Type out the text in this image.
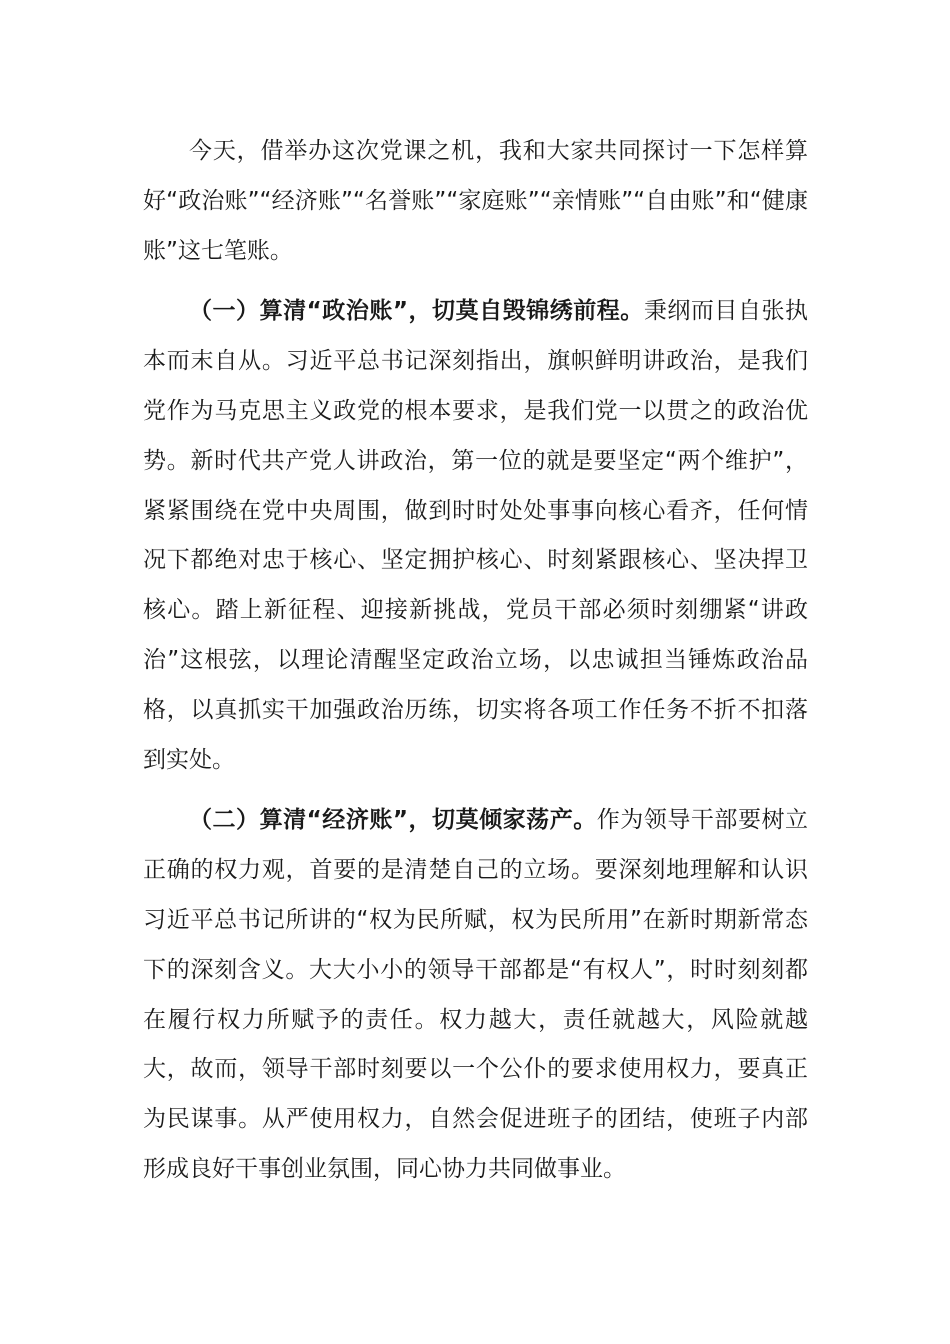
今天，借举办这次党课之机，我和大家共同探讨一下怎样算好“政治账”“经济账”“名誉账”“家庭账”“亲情账”“自由账”和“健康账”这七笔账。

（一）算清“政治账”，切莫自毁锦绣前程。秉纲而目自张执本而末自从。习近平总书记深刻指出，旗帜鲜明讲政治，是我们党作为马克思主义政党的根本要求，是我们党一以贯之的政治优势。新时代共产党人讲政治，第一位的就是要坚定“两个维护”，紧紧围绕在党中央周围，做到时时处处事事向核心看齐，任何情况下都绝对忠于核心、坚定拥护核心、时刻紧跟核心、坚决捍卫核心。踏上新征程、迎接新挑战，党员干部必须时刻绷紧“讲政治”这根弦，以理论清醒坚定政治立场，以忠诚担当锤炼政治品格，以真抓实干加强政治历练，切实将各项工作任务不折不扣落到实处。

（二）算清“经济账”，切莫倾家荡产。作为领导干部要树立正确的权力观，首要的是清楚自己的立场。要深刻地理解和认识习近平总书记所讲的“权为民所赋，权为民所用”在新时期新常态下的深刻含义。大大小小的领导干部都是“有权人”，时时刻刻都在履行权力所赋予的责任。权力越大，责任就越大，风险就越大，故而，领导干部时刻要以一个公仆的要求使用权力，要真正为民谋事。从严使用权力，自然会促进班子的团结，使班子内部形成良好干事创业氛围，同心协力共同做事业。
